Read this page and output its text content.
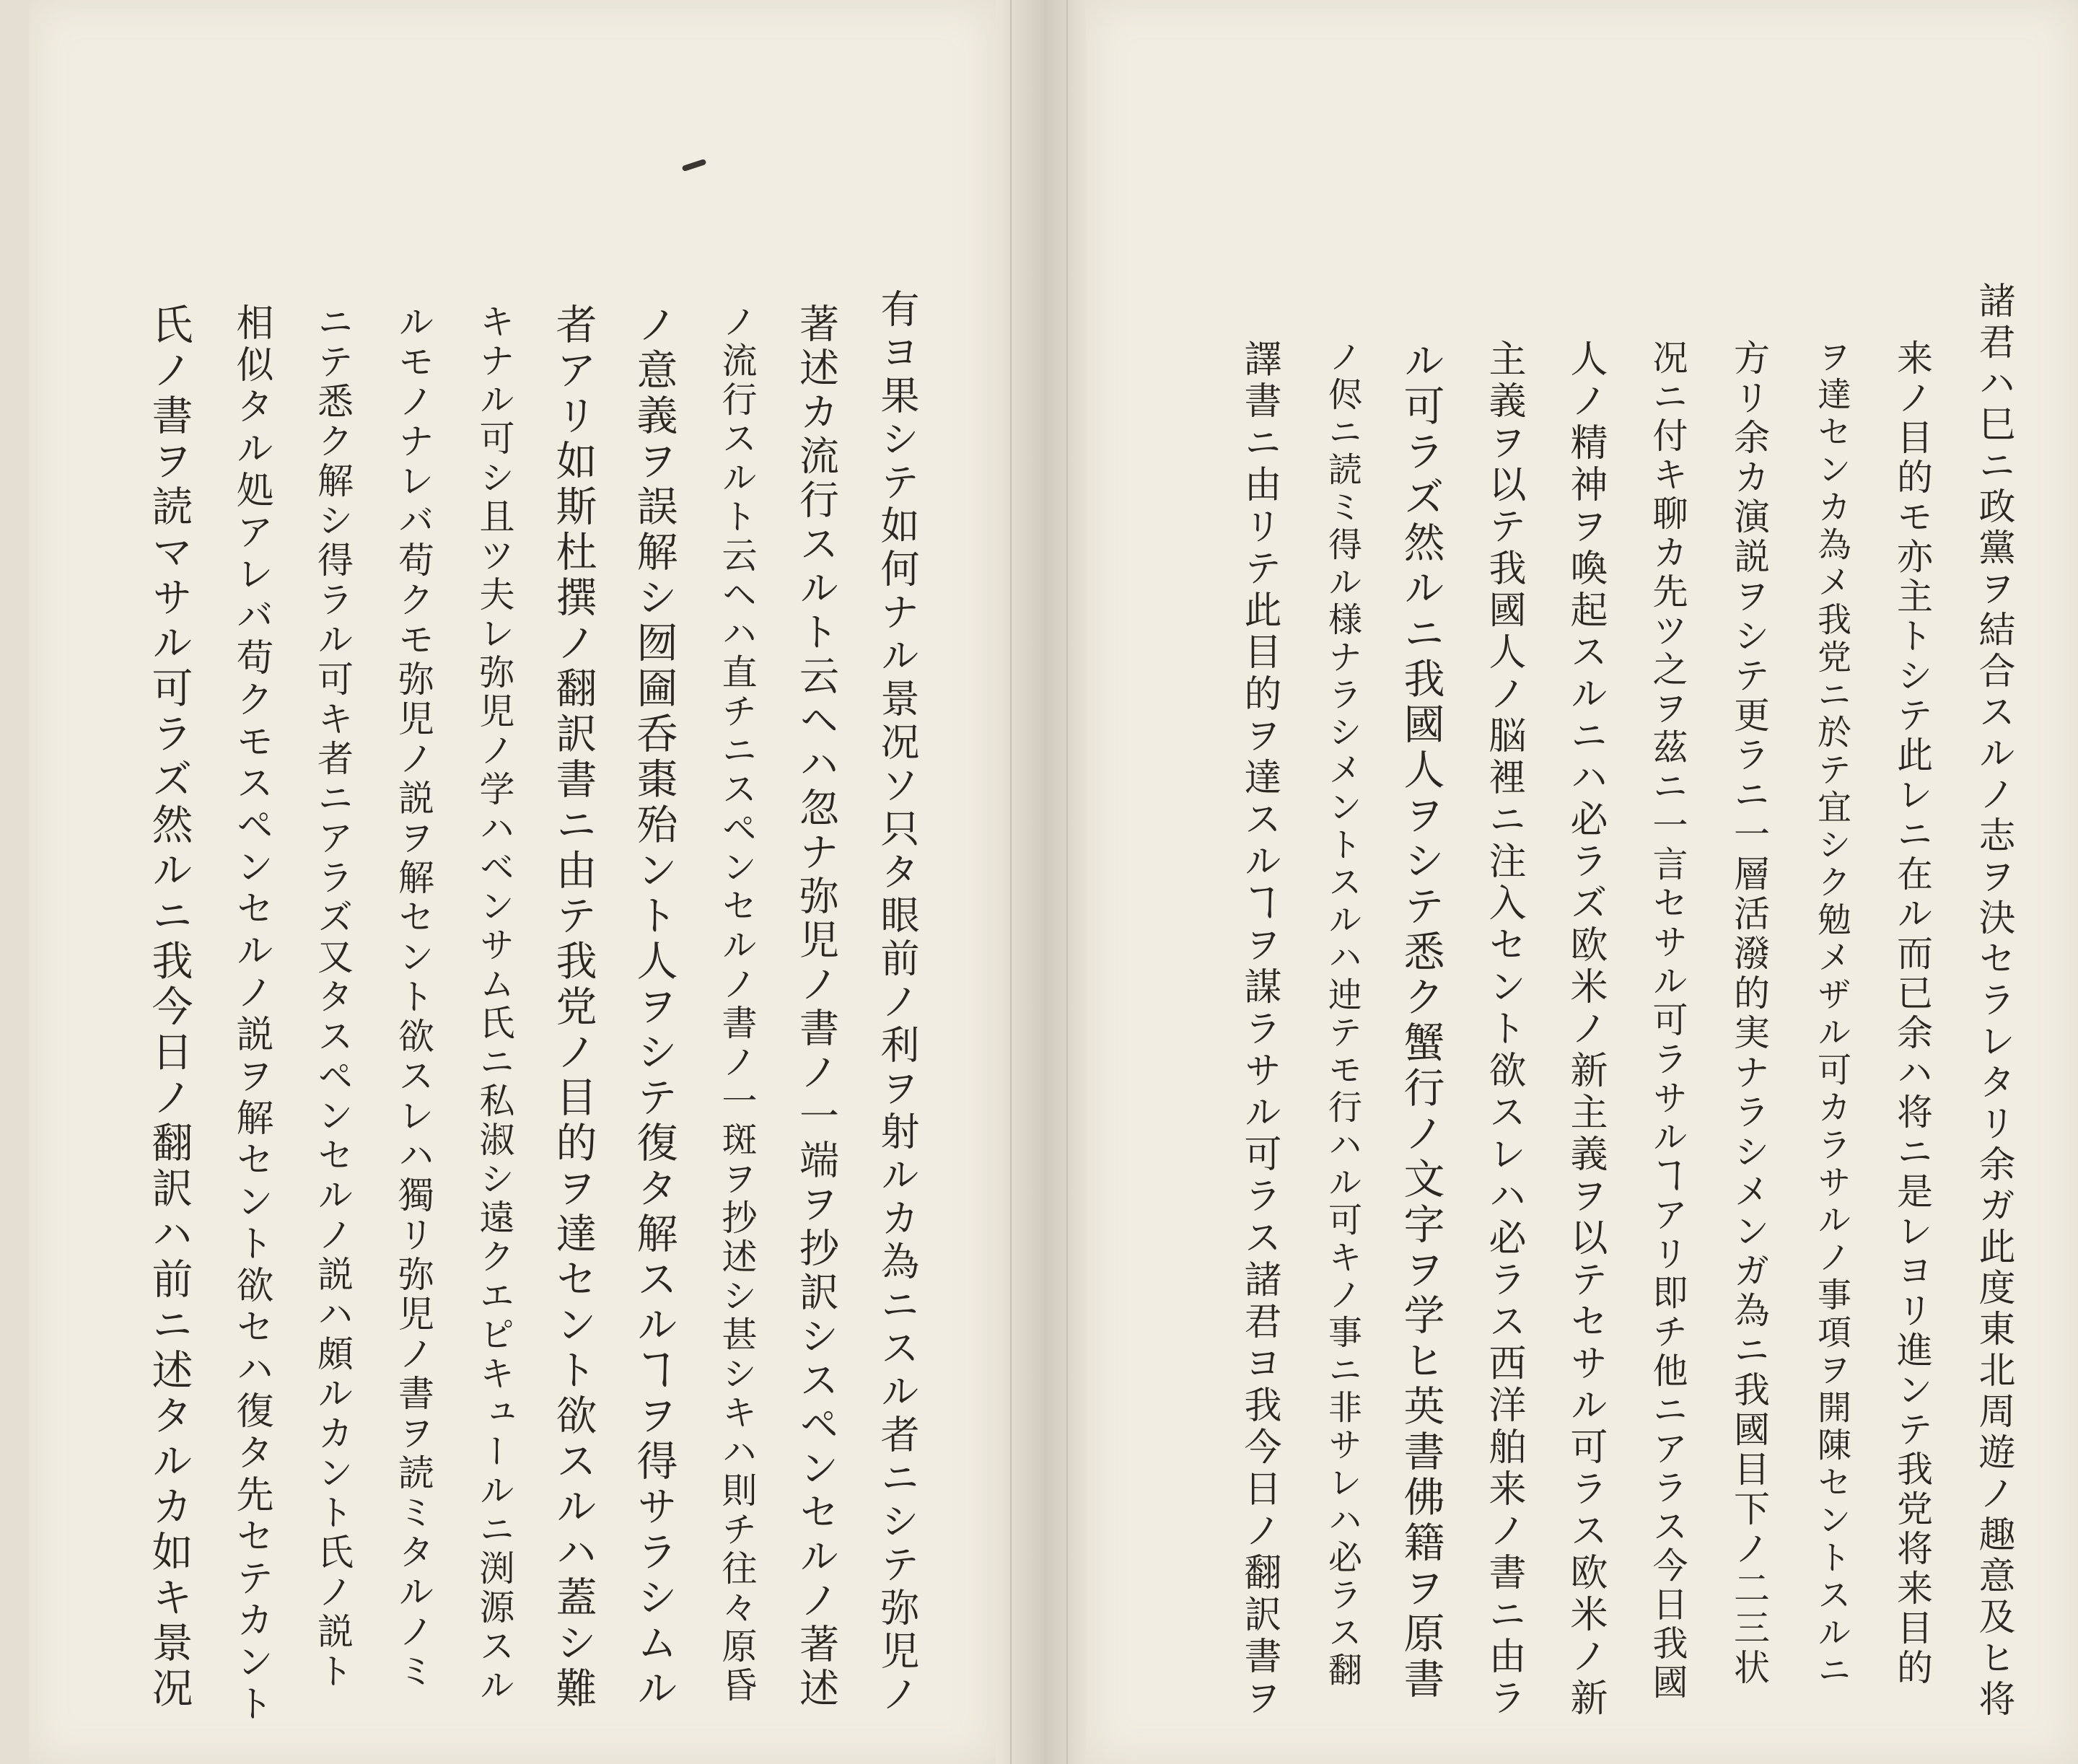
有ヨ果シテ如何ナル景况ソ只タ眼前ノ利ヲ射ルカ為ニスル者ニシテ弥児ノ
著述カ流行スルト云ヘハ忽ナ弥児ノ書ノ一端ヲ抄訳シスペンセルノ著述
ノ流行スルト云ヘハ直チニスペンセルノ書ノ一斑ヲ抄述シ甚シキハ則チ往々原昏
ノ意義ヲ誤解シ囫圇呑棗殆ント人ヲシテ復タ解スルヿヲ得サラシムル
者アリ如斯杜撰ノ翻訳書ニ由テ我党ノ目的ヲ達セント欲スルハ蓋シ難
キナル可シ且ツ夫レ弥児ノ学ハベンサム氏ニ私淑シ遠クエピキュールニ渕源スル
ルモノナレバ苟クモ弥児ノ説ヲ解セント欲スレハ獨リ弥児ノ書ヲ読ミタルノミ
ニテ悉ク解シ得ラル可キ者ニアラズ又タスペンセルノ説ハ頗ルカント氏ノ説ト
相似タル処アレバ苟クモスペンセルノ説ヲ解セント欲セハ復タ先セテカント
氏ノ書ヲ読マサル可ラズ然ルニ我今日ノ翻訳ハ前ニ述タルカ如キ景况	諸君ハ巳ニ政黨ヲ結合スルノ志ヲ決セラレタリ余ガ此度東北周遊ノ趣意及ヒ将
来ノ目的モ亦主トシテ此レニ在ル而已余ハ将ニ是レヨリ進ンテ我党将来目的
ヲ達センカ為メ我党ニ於テ宜シク勉メザル可カラサルノ事項ヲ開陳セントスルニ
方リ余カ演説ヲシテ更ラニ一層活潑的実ナラシメンガ為ニ我國目下ノ二三状
况ニ付キ聊カ先ツ之ヲ茲ニ一言セサル可ラサルヿアリ即チ他ニアラス今日我國
人ノ精神ヲ喚起スルニハ必ラズ欧米ノ新主義ヲ以テセサル可ラス欧米ノ新
主義ヲ以テ我國人ノ脳裡ニ注入セント欲スレハ必ラス西洋舶来ノ書ニ由ラ
ル可ラズ然ルニ我國人ヲシテ悉ク蟹行ノ文字ヲ学ヒ英書佛籍ヲ原書
ノ侭ニ読ミ得ル様ナラシメントスルハ迚テモ行ハル可キノ事ニ非サレハ必ラス翻
譯書ニ由リテ此目的ヲ達スルヿヲ謀ラサル可ラス諸君ヨ我今日ノ翻訳書ヲ
